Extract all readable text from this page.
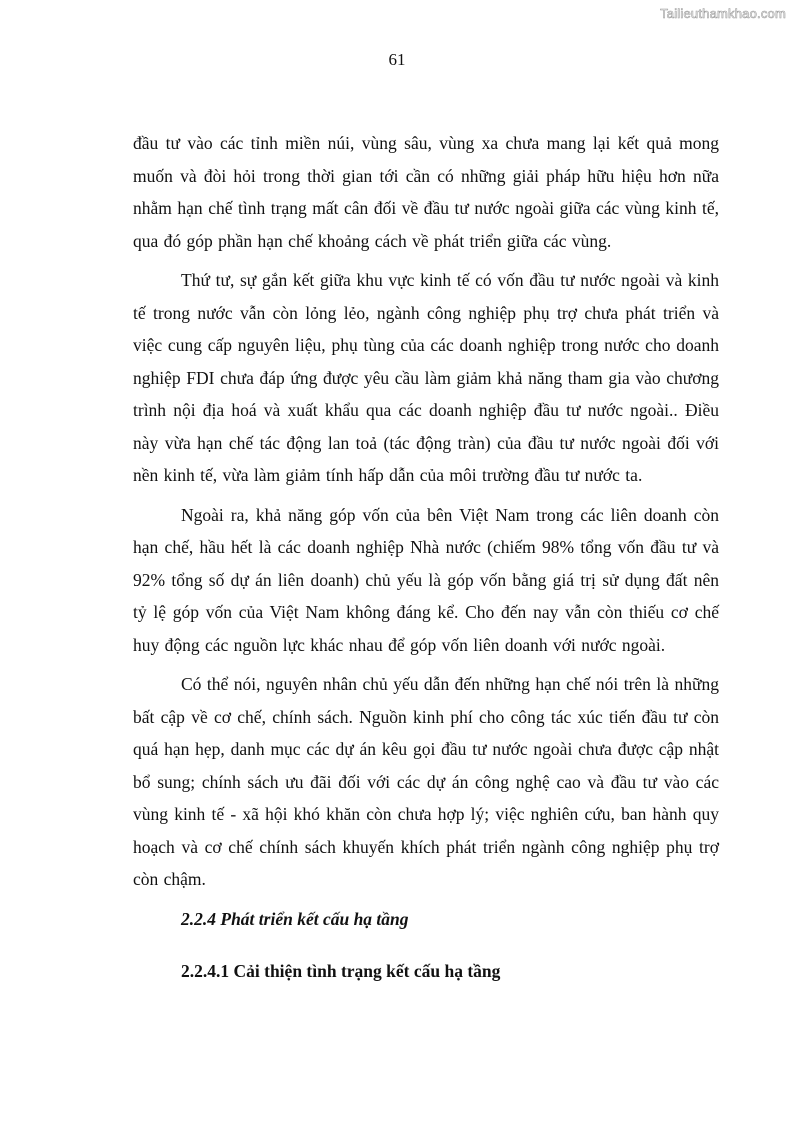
Tailieuthamkhao.com
61

đầu tư vào các tỉnh miền núi, vùng sâu, vùng xa chưa mang lại kết quả mong muốn và đòi hỏi trong thời gian tới cần có những giải pháp hữu hiệu hơn nữa nhằm hạn chế tình trạng mất cân đối về đầu tư nước ngoài giữa các vùng kinh tế, qua đó góp phần hạn chế khoảng cách về phát triển giữa các vùng.

Thứ tư, sự gắn kết giữa khu vực kinh tế có vốn đầu tư nước ngoài và kinh tế trong nước vẫn còn lỏng lẻo, ngành công nghiệp phụ trợ chưa phát triển và việc cung cấp nguyên liệu, phụ tùng của các doanh nghiệp trong nước cho doanh nghiệp FDI chưa đáp ứng được yêu cầu làm giảm khả năng tham gia vào chương trình nội địa hoá và xuất khẩu qua các doanh nghiệp đầu tư nước ngoài.. Điều này vừa hạn chế tác động lan toả (tác động tràn) của đầu tư nước ngoài đối với nền kinh tế, vừa làm giảm tính hấp dẫn của môi trường đầu tư nước ta.

Ngoài ra, khả năng góp vốn của bên Việt Nam trong các liên doanh còn hạn chế, hầu hết là các doanh nghiệp Nhà nước (chiếm 98% tổng vốn đầu tư và 92% tổng số dự án liên doanh) chủ yếu là góp vốn bằng giá trị sử dụng đất nên tỷ lệ góp vốn của Việt Nam không đáng kể. Cho đến nay vẫn còn thiếu cơ chế huy động các nguồn lực khác nhau để góp vốn liên doanh với nước ngoài.

Có thể nói, nguyên nhân chủ yếu dẫn đến những hạn chế nói trên là những bất cập về cơ chế, chính sách. Nguồn kinh phí cho công tác xúc tiến đầu tư còn quá hạn hẹp, danh mục các dự án kêu gọi đầu tư nước ngoài chưa được cập nhật bổ sung; chính sách ưu đãi đối với các dự án công nghệ cao và đầu tư vào các vùng kinh tế - xã hội khó khăn còn chưa hợp lý; việc nghiên cứu, ban hành quy hoạch và cơ chế chính sách khuyến khích phát triển ngành công nghiệp phụ trợ còn chậm.

2.2.4 Phát triển kết cấu hạ tầng
2.2.4.1 Cải thiện tình trạng kết cấu hạ tầng
